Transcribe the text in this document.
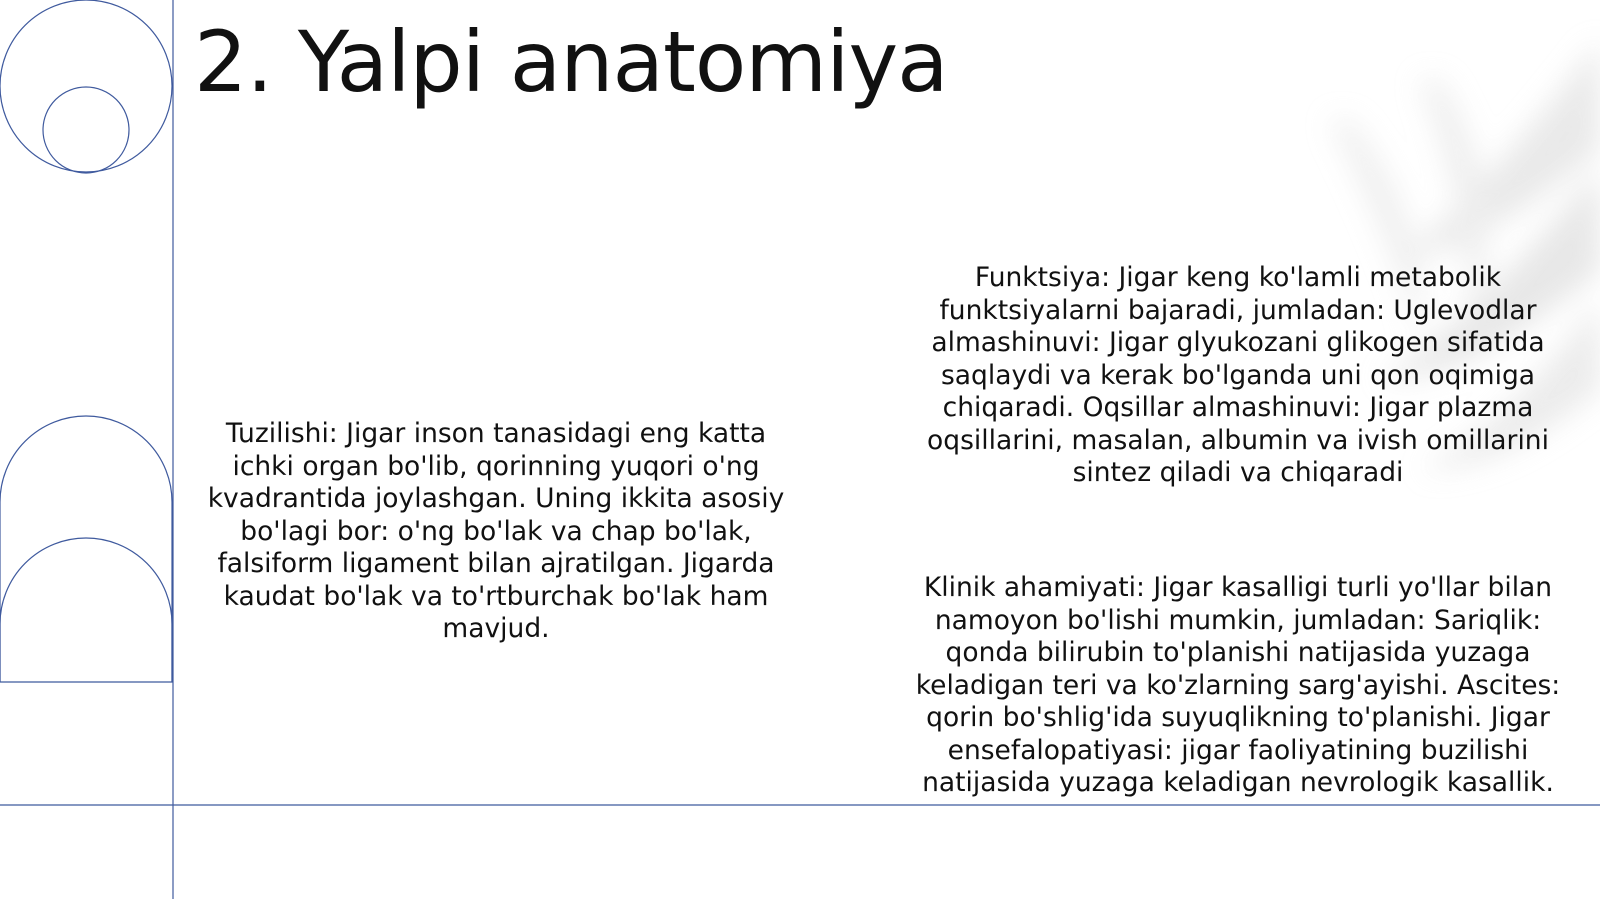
2. Yalpi anatomiya

Tuzilishi: Jigar inson tanasidagi eng katta ichki organ bo'lib, qorinning yuqori o'ng kvadrantida joylashgan. Uning ikkita asosiy bo'lagi bor: o'ng bo'lak va chap bo'lak, falsiform ligament bilan ajratilgan. Jigarda kaudat bo'lak va to'rtburchak bo'lak ham mavjud.

Funktsiya: Jigar keng ko'lamli metabolik funktsiyalarni bajaradi, jumladan: Uglevodlar almashinuvi: Jigar glyukozani glikogen sifatida saqlaydi va kerak bo'lganda uni qon oqimiga chiqaradi. Oqsillar almashinuvi: Jigar plazma oqsillarini, masalan, albumin va ivish omillarini sintez qiladi va chiqaradi

Klinik ahamiyati: Jigar kasalligi turli yo'llar bilan namoyon bo'lishi mumkin, jumladan: Sariqlik: qonda bilirubin to'planishi natijasida yuzaga keladigan teri va ko'zlarning sarg'ayishi. Ascites: qorin bo'shlig'ida suyuqlikning to'planishi. Jigar ensefalopatiyasi: jigar faoliyatining buzilishi natijasida yuzaga keladigan nevrologik kasallik.
